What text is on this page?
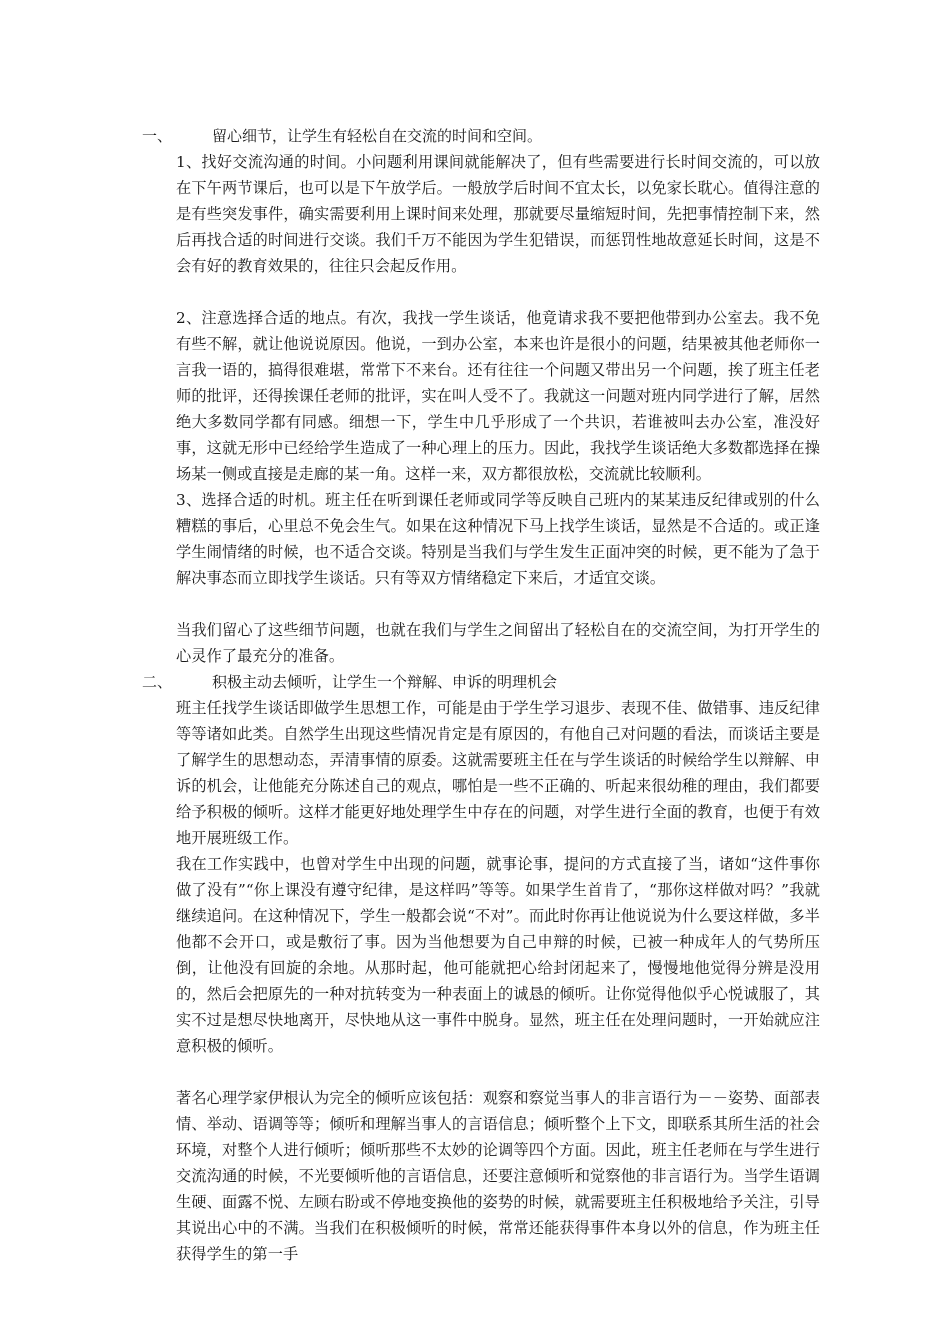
一、	留心细节，让学生有轻松自在交流的时间和空间。

1、找好交流沟通的时间。小问题利用课间就能解决了，但有些需要进行长时间交流的，可以放在下午两节课后，也可以是下午放学后。一般放学后时间不宜太长，以免家长耽心。值得注意的是有些突发事件，确实需要利用上课时间来处理，那就要尽量缩短时间，先把事情控制下来，然后再找合适的时间进行交谈。我们千万不能因为学生犯错误，而惩罚性地故意延长时间，这是不会有好的教育效果的，往往只会起反作用。

2、注意选择合适的地点。有次，我找一学生谈话，他竟请求我不要把他带到办公室去。我不免有些不解，就让他说说原因。他说，一到办公室，本来也许是很小的问题，结果被其他老师你一言我一语的，搞得很难堪，常常下不来台。还有往往一个问题又带出另一个问题，挨了班主任老师的批评，还得挨课任老师的批评，实在叫人受不了。我就这一问题对班内同学进行了解，居然绝大多数同学都有同感。细想一下，学生中几乎形成了一个共识，若谁被叫去办公室，准没好事，这就无形中已经给学生造成了一种心理上的压力。因此，我找学生谈话绝大多数都选择在操场某一侧或直接是走廊的某一角。这样一来，双方都很放松，交流就比较顺利。

3、选择合适的时机。班主任在听到课任老师或同学等反映自己班内的某某违反纪律或别的什么糟糕的事后，心里总不免会生气。如果在这种情况下马上找学生谈话，显然是不合适的。或正逢学生闹情绪的时候，也不适合交谈。特别是当我们与学生发生正面冲突的时候，更不能为了急于解决事态而立即找学生谈话。只有等双方情绪稳定下来后，才适宜交谈。

当我们留心了这些细节问题，也就在我们与学生之间留出了轻松自在的交流空间，为打开学生的心灵作了最充分的准备。

二、	积极主动去倾听，让学生一个辩解、申诉的明理机会

班主任找学生谈话即做学生思想工作，可能是由于学生学习退步、表现不佳、做错事、违反纪律等等诸如此类。自然学生出现这些情况肯定是有原因的，有他自己对问题的看法，而谈话主要是了解学生的思想动态，弄清事情的原委。这就需要班主任在与学生谈话的时候给学生以辩解、申诉的机会，让他能充分陈述自己的观点，哪怕是一些不正确的、听起来很幼稚的理由，我们都要给予积极的倾听。这样才能更好地处理学生中存在的问题，对学生进行全面的教育，也便于有效地开展班级工作。

我在工作实践中，也曾对学生中出现的问题，就事论事，提问的方式直接了当，诸如“这件事你做了没有”“你上课没有遵守纪律，是这样吗”等等。如果学生首肯了，“那你这样做对吗？”我就继续追问。在这种情况下，学生一般都会说“不对”。而此时你再让他说说为什么要这样做，多半他都不会开口，或是敷衍了事。因为当他想要为自己申辩的时候，已被一种成年人的气势所压倒，让他没有回旋的余地。从那时起，他可能就把心给封闭起来了，慢慢地他觉得分辨是没用的，然后会把原先的一种对抗转变为一种表面上的诚恳的倾听。让你觉得他似乎心悦诚服了，其实不过是想尽快地离开，尽快地从这一事件中脱身。显然，班主任在处理问题时，一开始就应注意积极的倾听。

著名心理学家伊根认为完全的倾听应该包括：观察和察觉当事人的非言语行为－－姿势、面部表情、举动、语调等等；倾听和理解当事人的言语信息；倾听整个上下文，即联系其所生活的社会环境，对整个人进行倾听；倾听那些不太妙的论调等四个方面。因此，班主任老师在与学生进行交流沟通的时候，不光要倾听他的言语信息，还要注意倾听和觉察他的非言语行为。当学生语调生硬、面露不悦、左顾右盼或不停地变换他的姿势的时候，就需要班主任积极地给予关注，引导其说出心中的不满。当我们在积极倾听的时候，常常还能获得事件本身以外的信息，作为班主任获得学生的第一手
